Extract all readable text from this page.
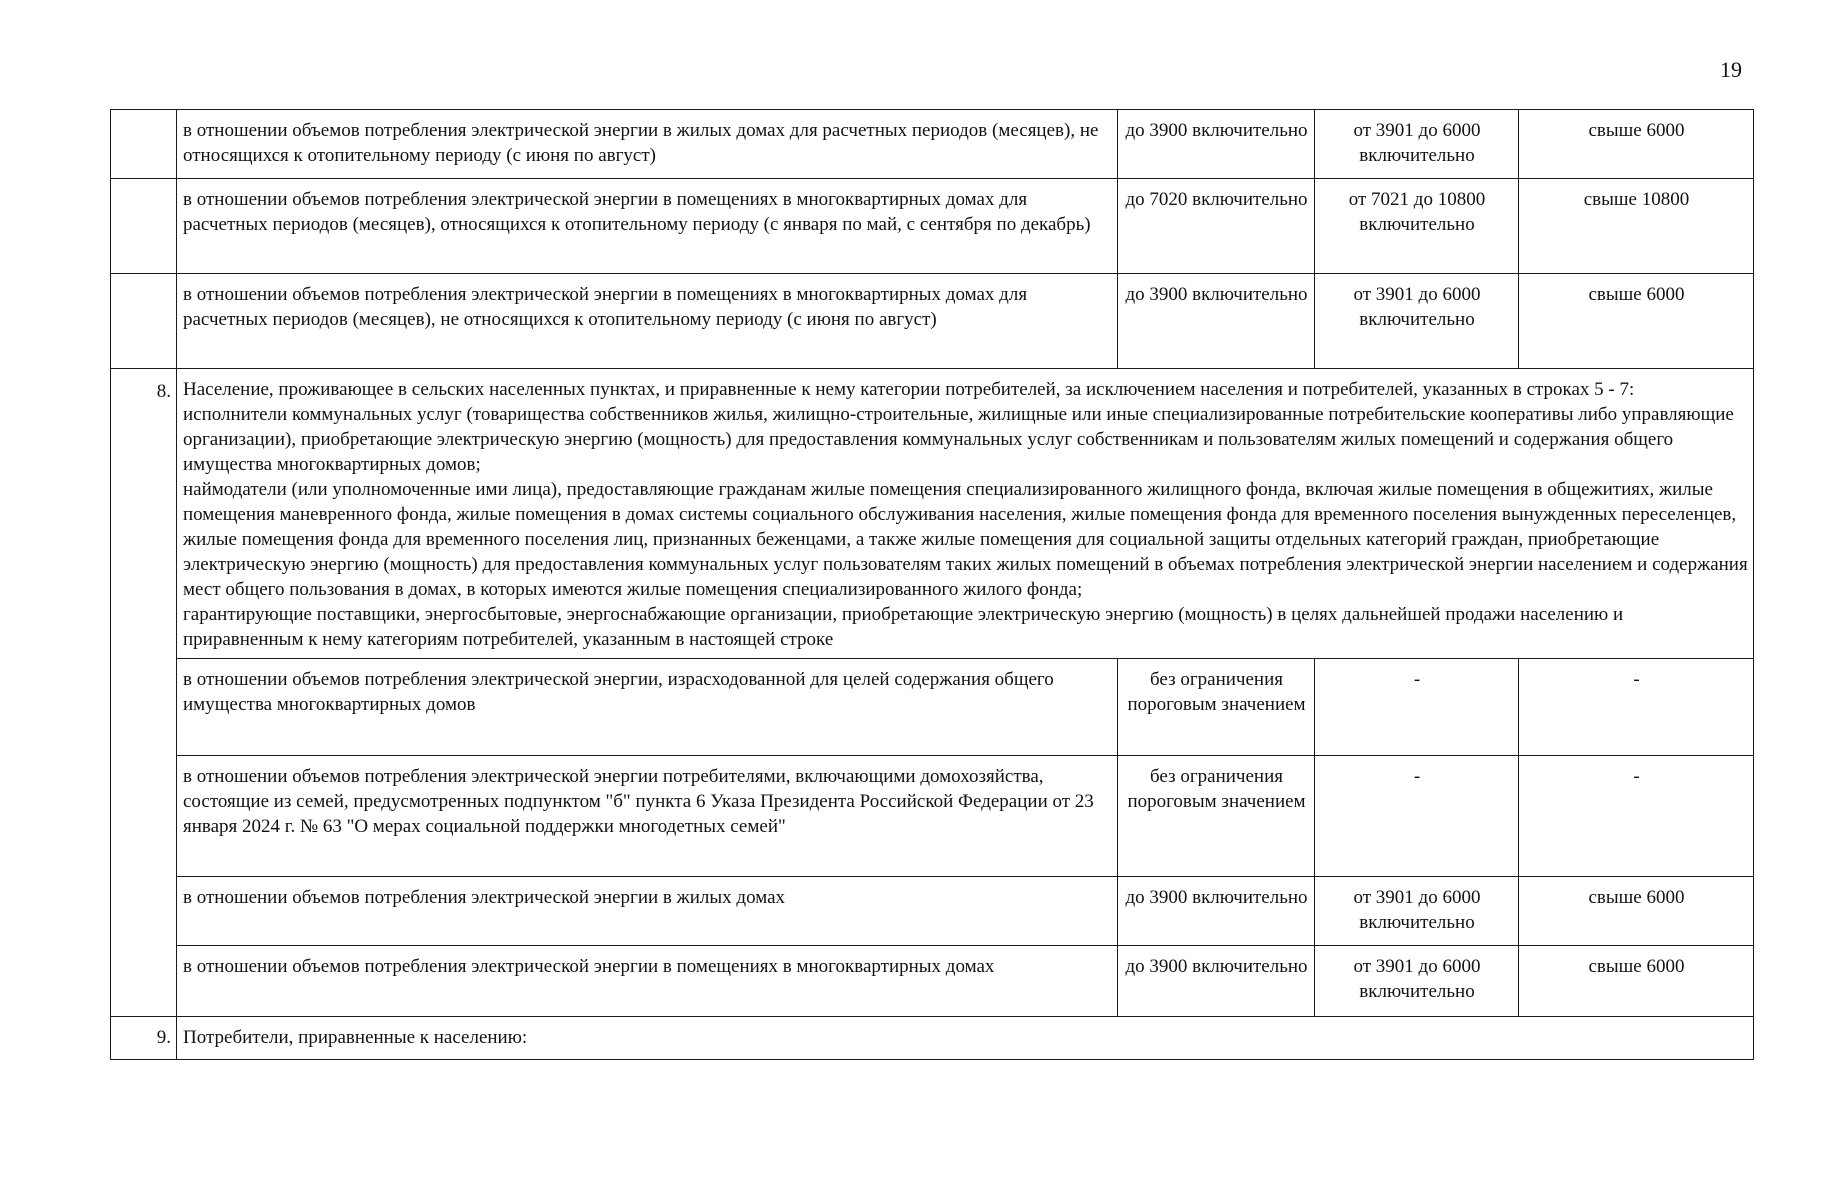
19
	в отношении объемов потребления электрической энергии в жилых домах для расчетных периодов (месяцев), не относящихся к отопительному периоду (с июня по август)	до 3900 включительно	от 3901 до 6000 включительно	свыше 6000
	в отношении объемов потребления электрической энергии в помещениях в многоквартирных домах для расчетных периодов (месяцев), относящихся к отопительному периоду (с января по май, с сентября по декабрь)	до 7020 включительно	от 7021 до 10800 включительно	свыше 10800
	в отношении объемов потребления электрической энергии в помещениях в многоквартирных домах для расчетных периодов (месяцев), не относящихся к отопительному периоду (с июня по август)	до 3900 включительно	от 3901 до 6000 включительно	свыше 6000
8.	Население, проживающее в сельских населенных пунктах, и приравненные к нему категории потребителей, за исключением населения и потребителей, указанных в строках 5 - 7:
исполнители коммунальных услуг (товарищества собственников жилья, жилищно-строительные, жилищные или иные специализированные потребительские кооперативы либо управляющие организации), приобретающие электрическую энергию (мощность) для предоставления коммунальных услуг собственникам и пользователям жилых помещений и содержания общего имущества многоквартирных домов;
наймодатели (или уполномоченные ими лица), предоставляющие гражданам жилые помещения специализированного жилищного фонда, включая жилые помещения в общежитиях, жилые помещения маневренного фонда, жилые помещения в домах системы социального обслуживания населения, жилые помещения фонда для временного поселения вынужденных переселенцев, жилые помещения фонда для временного поселения лиц, признанных беженцами, а также жилые помещения для социальной защиты отдельных категорий граждан, приобретающие электрическую энергию (мощность) для предоставления коммунальных услуг пользователям таких жилых помещений в объемах потребления электрической энергии населением и содержания мест общего пользования в домах, в которых имеются жилые помещения специализированного жилого фонда;
гарантирующие поставщики, энергосбытовые, энергоснабжающие организации, приобретающие электрическую энергию (мощность) в целях дальнейшей продажи населению и приравненным к нему категориям потребителей, указанным в настоящей строке			

	в отношении объемов потребления электрической энергии, израсходованной для целей содержания общего имущества многоквартирных домов	без ограничения пороговым значением	-	-
	в отношении объемов потребления электрической энергии потребителями, включающими домохозяйства, состоящие из семей, предусмотренных подпунктом "б" пункта 6 Указа Президента Российской Федерации от 23 января 2024 г. № 63 "О мерах социальной поддержки многодетных семей"	без ограничения пороговым значением	-	-
	в отношении объемов потребления электрической энергии в жилых домах	до 3900 включительно	от 3901 до 6000 включительно	свыше 6000
	в отношении объемов потребления электрической энергии в помещениях в многоквартирных домах	до 3900 включительно	от 3901 до 6000 включительно	свыше 6000
9.	Потребители, приравненные к населению:			
